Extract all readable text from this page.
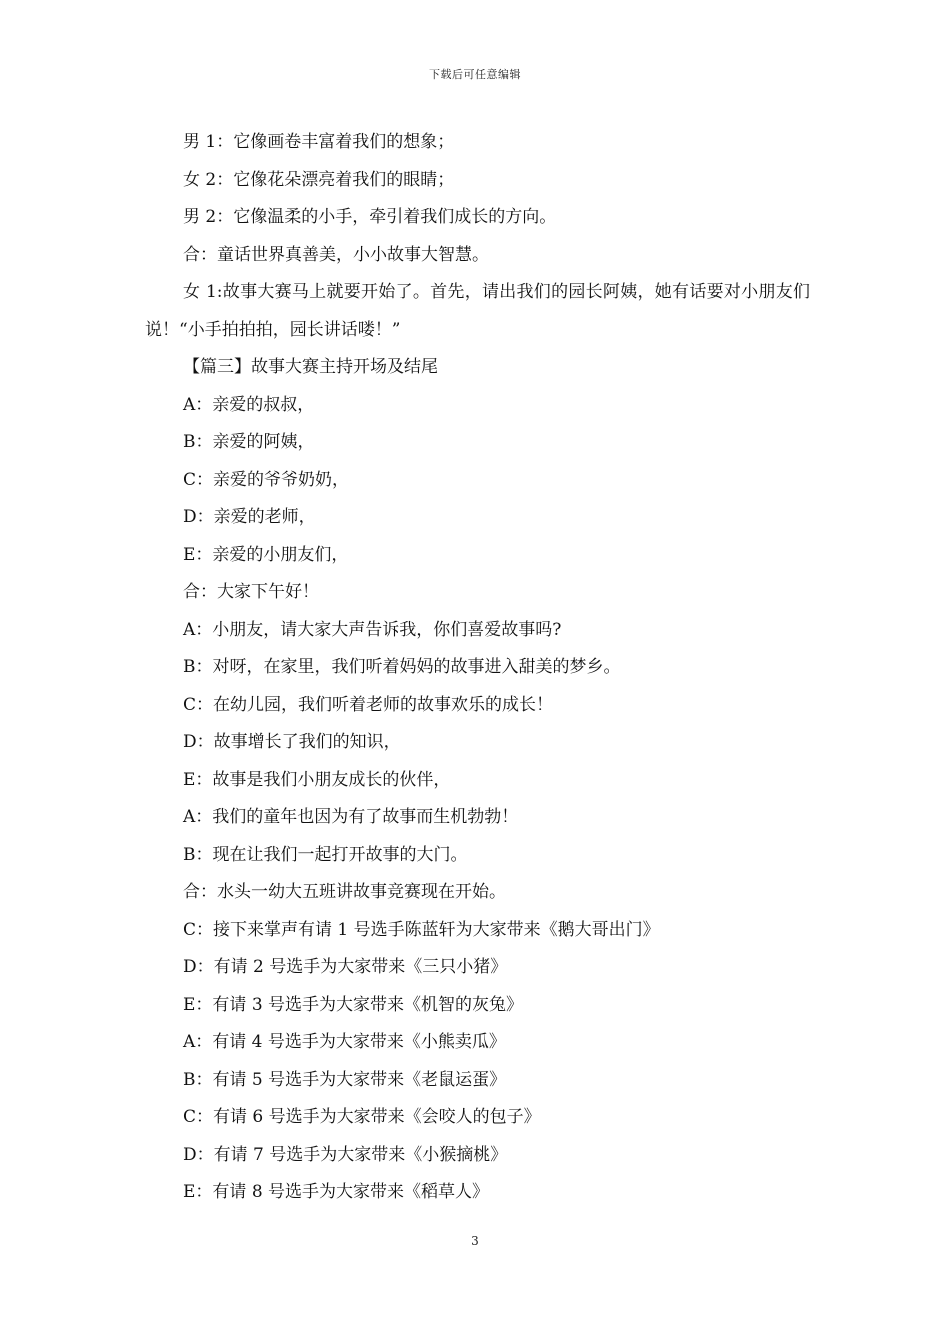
下载后可任意编辑

男 1：它像画卷丰富着我们的想象；

女 2：它像花朵漂亮着我们的眼睛；

男 2：它像温柔的小手，牵引着我们成长的方向。

合：童话世界真善美，小小故事大智慧。

女 1:故事大赛马上就要开始了。首先，请出我们的园长阿姨，她有话要对小朋友们说！“小手拍拍拍，园长讲话喽！”

【篇三】故事大赛主持开场及结尾

A：亲爱的叔叔，

B：亲爱的阿姨，

C：亲爱的爷爷奶奶，

D：亲爱的老师，

E：亲爱的小朋友们，

合：大家下午好！

A：小朋友，请大家大声告诉我，你们喜爱故事吗?

B：对呀，在家里，我们听着妈妈的故事进入甜美的梦乡。

C：在幼儿园，我们听着老师的故事欢乐的成长！

D：故事增长了我们的知识，

E：故事是我们小朋友成长的伙伴，

A：我们的童年也因为有了故事而生机勃勃！

B：现在让我们一起打开故事的大门。

合：水头一幼大五班讲故事竞赛现在开始。

C：接下来掌声有请 1 号选手陈蓝轩为大家带来《鹅大哥出门》

D：有请 2 号选手为大家带来《三只小猪》

E：有请 3 号选手为大家带来《机智的灰兔》

A：有请 4 号选手为大家带来《小熊卖瓜》

B：有请 5 号选手为大家带来《老鼠运蛋》

C：有请 6 号选手为大家带来《会咬人的包子》

D：有请 7 号选手为大家带来《小猴摘桃》

E：有请 8 号选手为大家带来《稻草人》

3
